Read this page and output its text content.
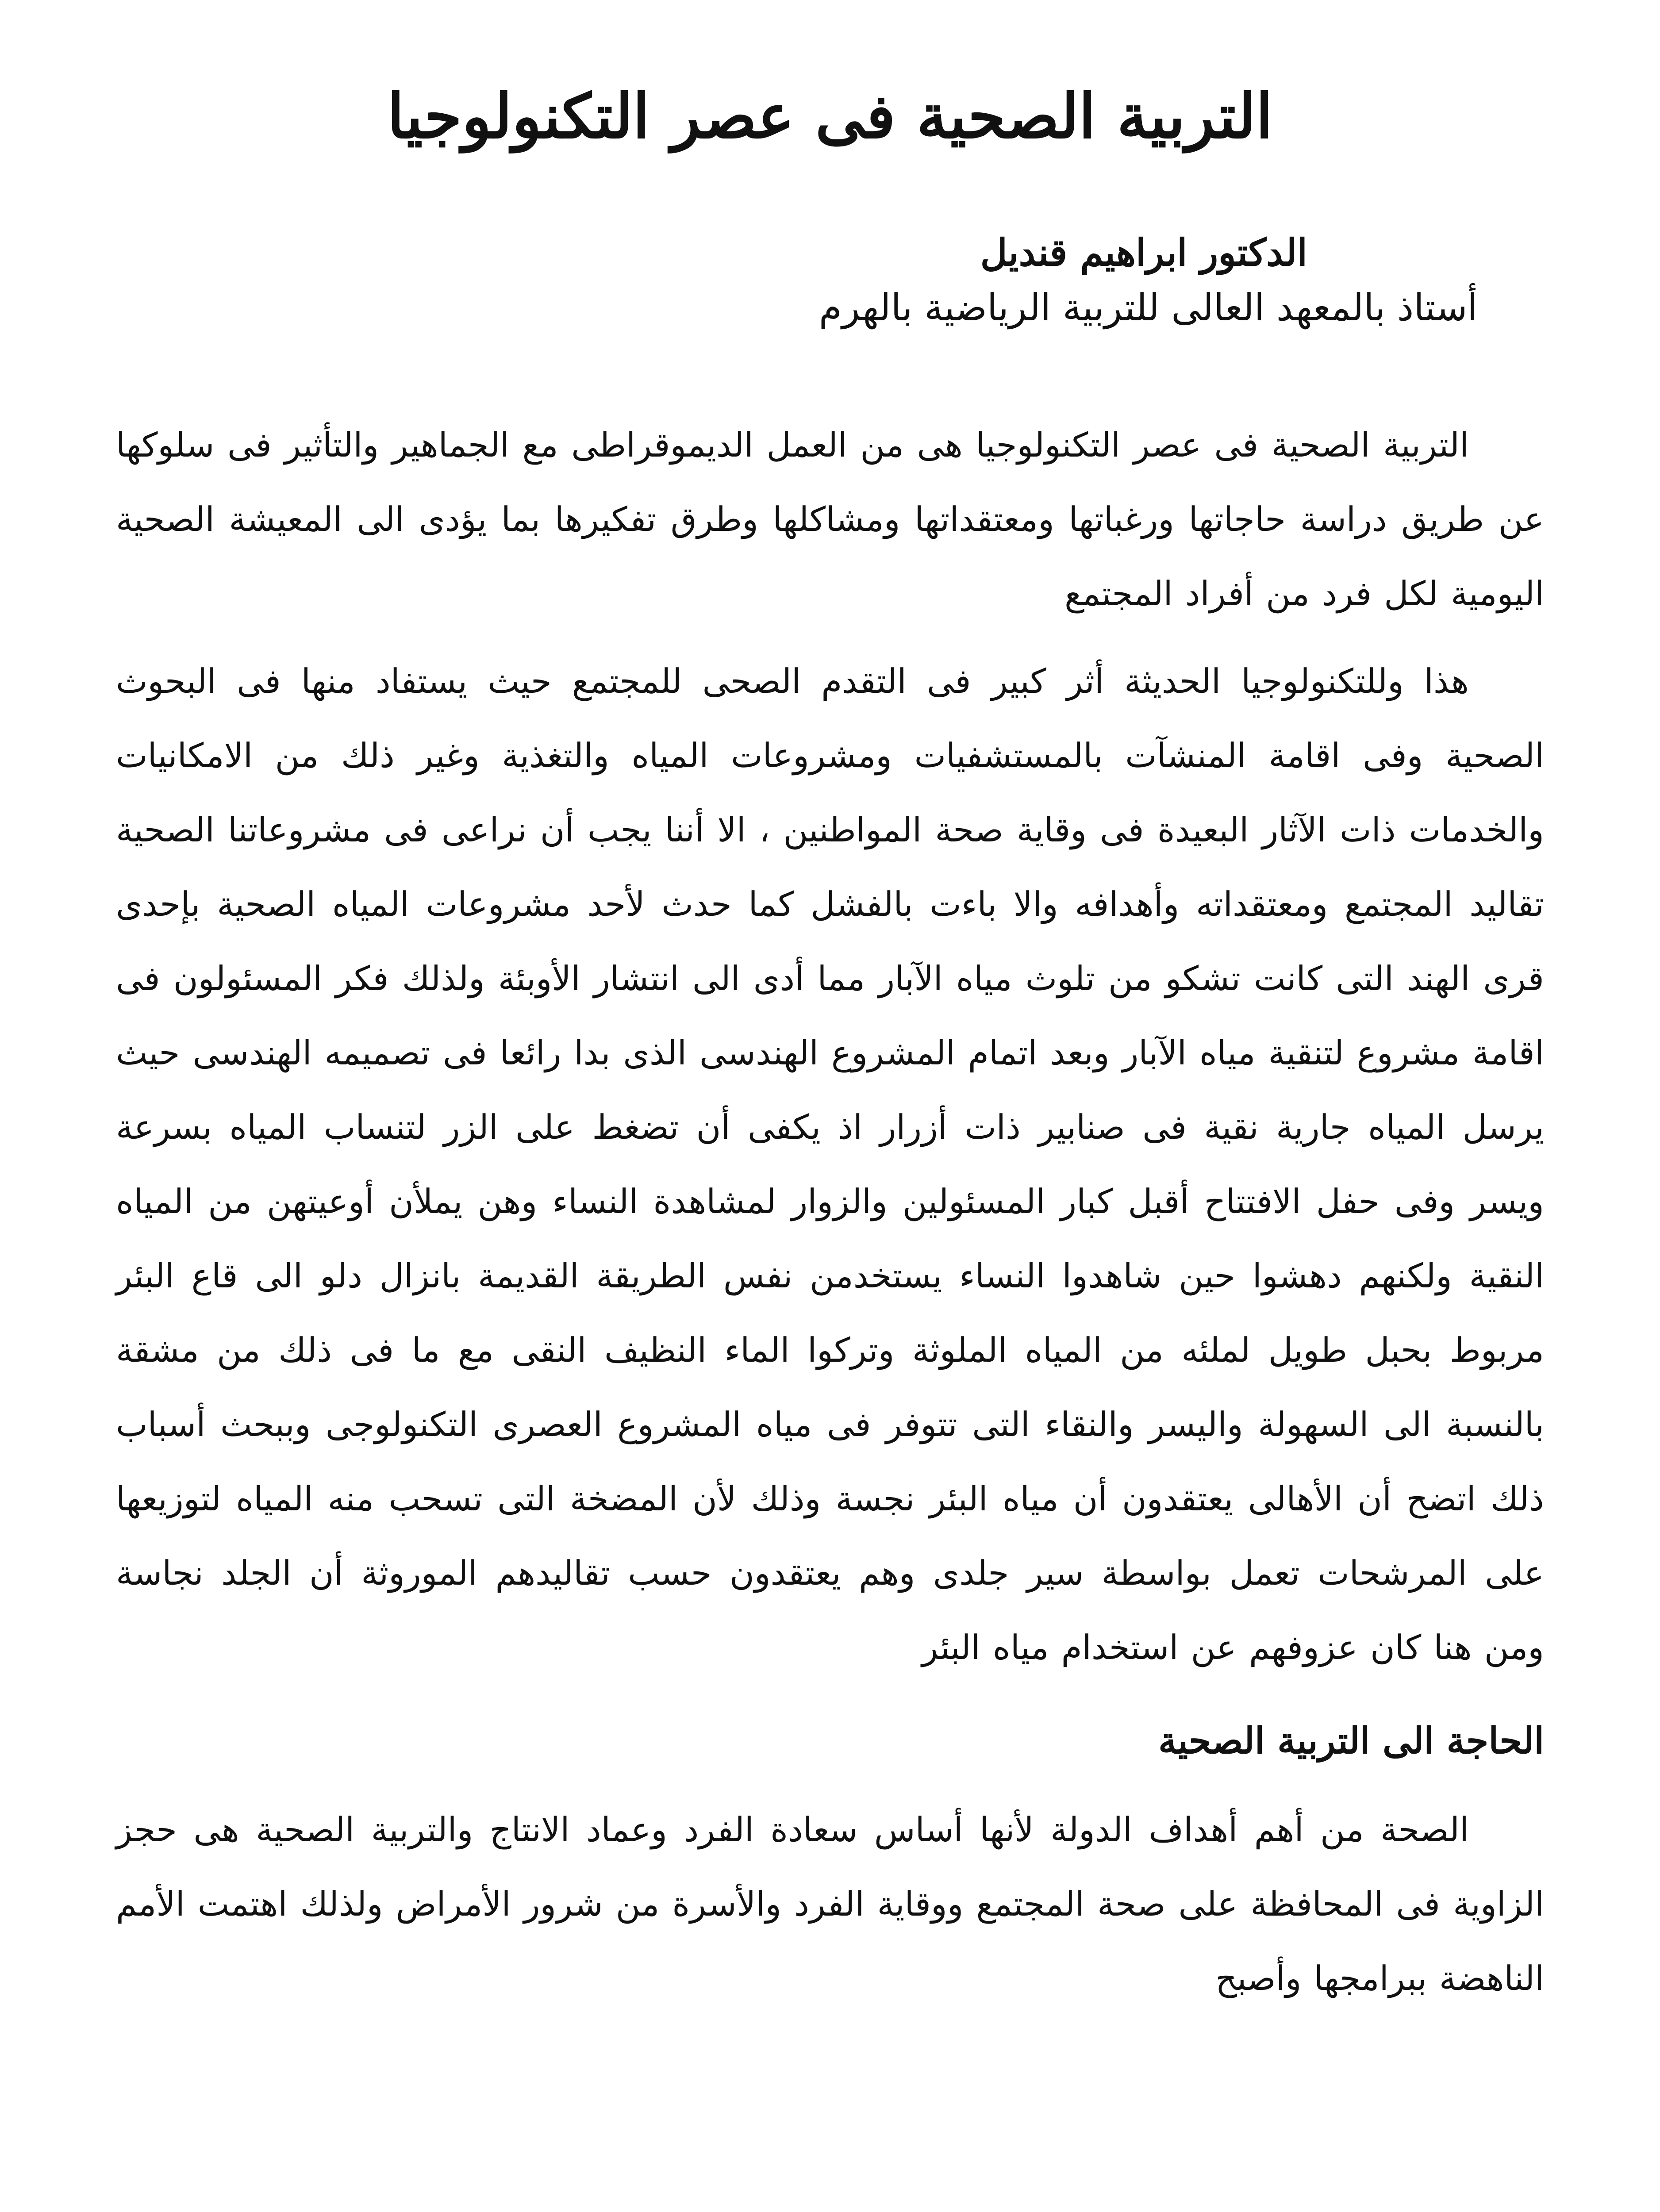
التربية الصحية فى عصر التكنولوجيا
الدكتور ابراهيم قنديل
أستاذ بالمعهد العالى للتربية الرياضية بالهرم

التربية الصحية فى عصر التكنولوجيا هى من العمل الديموقراطى مع الجماهير والتأثير فى سلوكها عن طريق دراسة حاجاتها ورغباتها ومعتقداتها ومشاكلها وطرق تفكيرها بما يؤدى الى المعيشة الصحية اليومية لكل فرد من أفراد المجتمع

هذا وللتكنولوجيا الحديثة أثر كبير فى التقدم الصحى للمجتمع حيث يستفاد منها فى البحوث الصحية وفى اقامة المنشآت بالمستشفيات ومشروعات المياه والتغذية وغير ذلك من الامكانيات والخدمات ذات الآثار البعيدة فى وقاية صحة المواطنين ، الا أننا يجب أن نراعى فى مشروعاتنا الصحية تقاليد المجتمع ومعتقداته وأهدافه والا باءت بالفشل كما حدث لأحد مشروعات المياه الصحية بإحدى قرى الهند التى كانت تشكو من تلوث مياه الآبار مما أدى الى انتشار الأوبئة ولذلك فكر المسئولون فى اقامة مشروع لتنقية مياه الآبار وبعد اتمام المشروع الهندسى الذى بدا رائعا فى تصميمه الهندسى حيث يرسل المياه جارية نقية فى صنابير ذات أزرار اذ يكفى أن تضغط على الزر لتنساب المياه بسرعة ويسر وفى حفل الافتتاح أقبل كبار المسئولين والزوار لمشاهدة النساء وهن يملأن أوعيتهن من المياه النقية ولكنهم دهشوا حين شاهدوا النساء يستخدمن نفس الطريقة القديمة بانزال دلو الى قاع البئر مربوط بحبل طويل لملئه من المياه الملوثة وتركوا الماء النظيف النقى مع ما فى ذلك من مشقة بالنسبة الى السهولة واليسر والنقاء التى تتوفر فى مياه المشروع العصرى التكنولوجى وببحث أسباب ذلك اتضح أن الأهالى يعتقدون أن مياه البئر نجسة وذلك لأن المضخة التى تسحب منه المياه لتوزيعها على المرشحات تعمل بواسطة سير جلدى وهم يعتقدون حسب تقاليدهم الموروثة أن الجلد نجاسة ومن هنا كان عزوفهم عن استخدام مياه البئر

الحاجة الى التربية الصحية

الصحة من أهم أهداف الدولة لأنها أساس سعادة الفرد وعماد الانتاج والتربية الصحية هى حجز الزاوية فى المحافظة على صحة المجتمع ووقاية الفرد والأسرة من شرور الأمراض ولذلك اهتمت الأمم الناهضة ببرامجها وأصبح
